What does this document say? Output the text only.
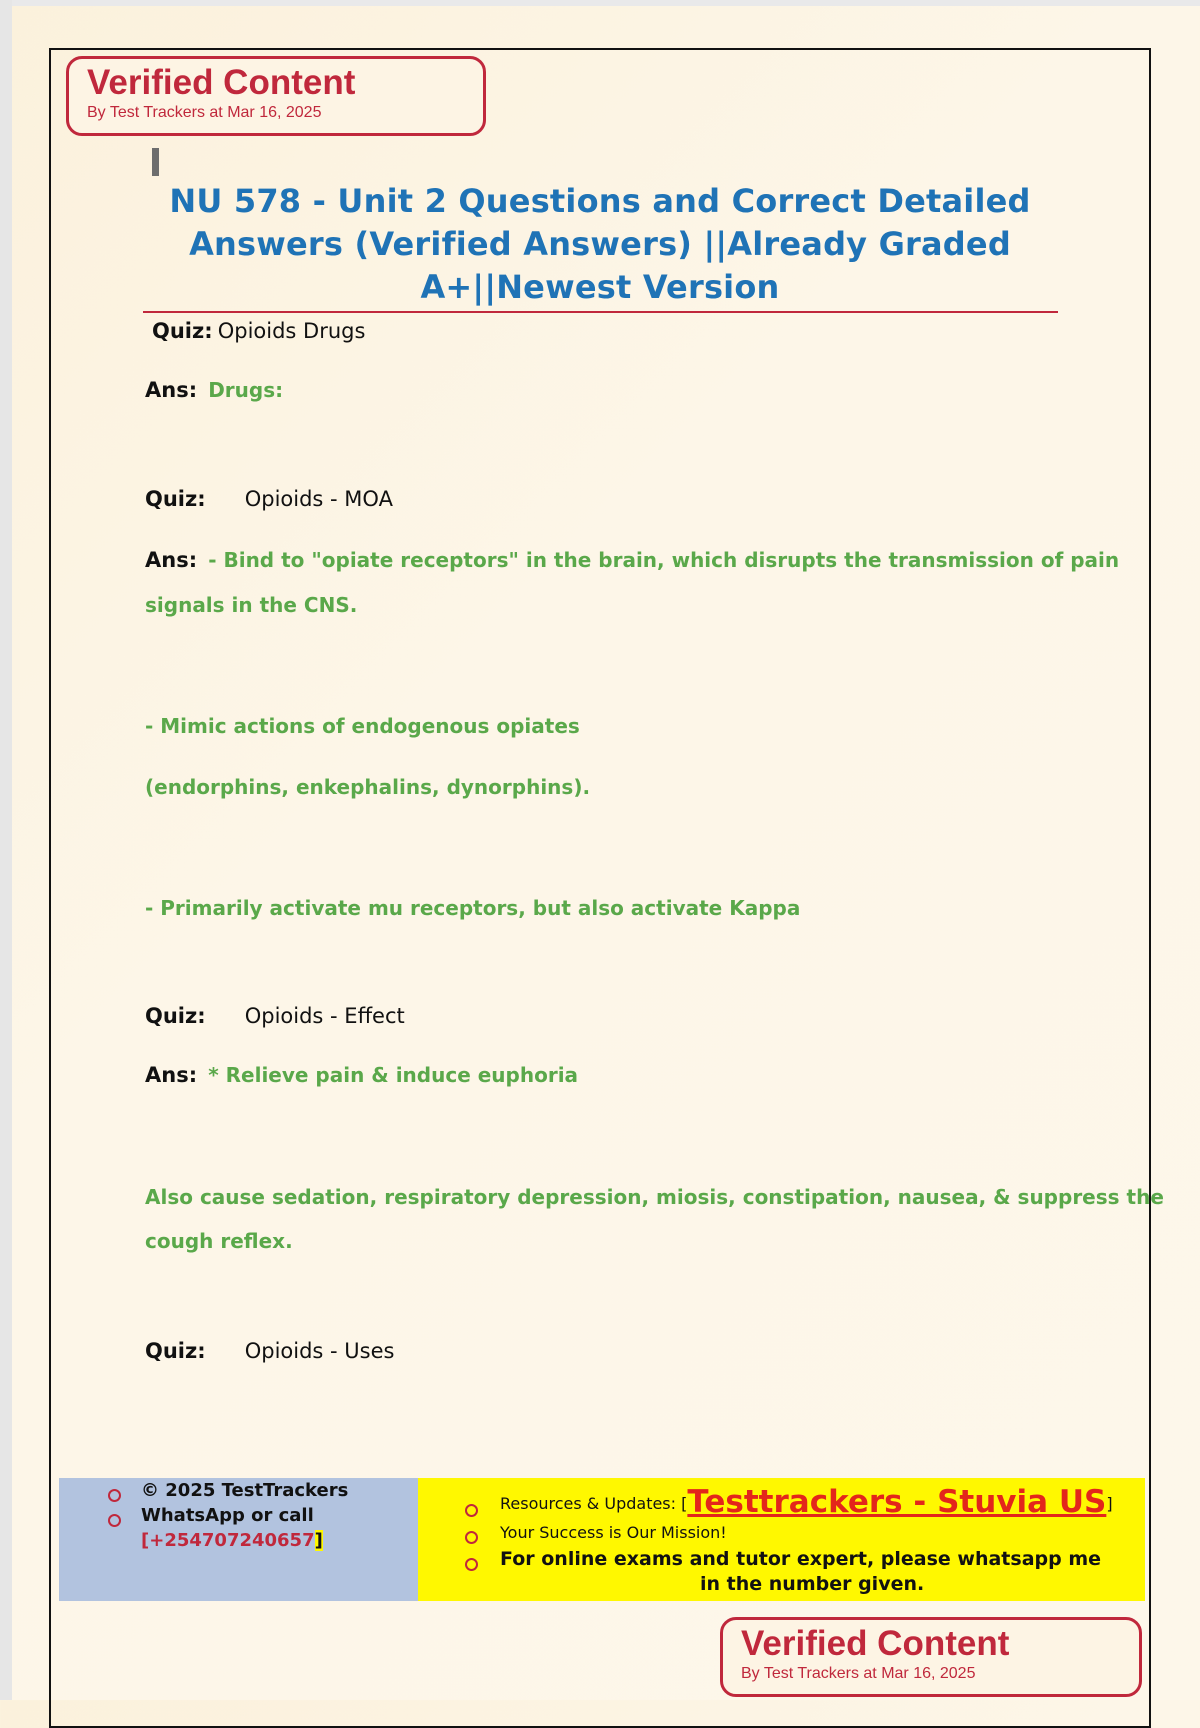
Verified Content
By Test Trackers at Mar 16, 2025
NU 578 - Unit 2 Questions and Correct Detailed
Answers (Verified Answers) ||Already Graded
A+||Newest Version
Quiz: Opioids Drugs
Ans: Drugs:
Quiz: Opioids - MOA
Ans: - Bind to "opiate receptors" in the brain, which disrupts the transmission of pain
signals in the CNS.
- Mimic actions of endogenous opiates
(endorphins, enkephalins, dynorphins).
- Primarily activate mu receptors, but also activate Kappa
Quiz: Opioids - Effect
Ans: * Relieve pain & induce euphoria
Also cause sedation, respiratory depression, miosis, constipation, nausea, & suppress the
cough reflex.
Quiz: Opioids - Uses
© 2025 TestTrackers
WhatsApp or call
[+254707240657]
Resources & Updates: [Testtrackers - Stuvia US]
Your Success is Our Mission!
For online exams and tutor expert, please whatsapp me
in the number given.
Verified Content
By Test Trackers at Mar 16, 2025
